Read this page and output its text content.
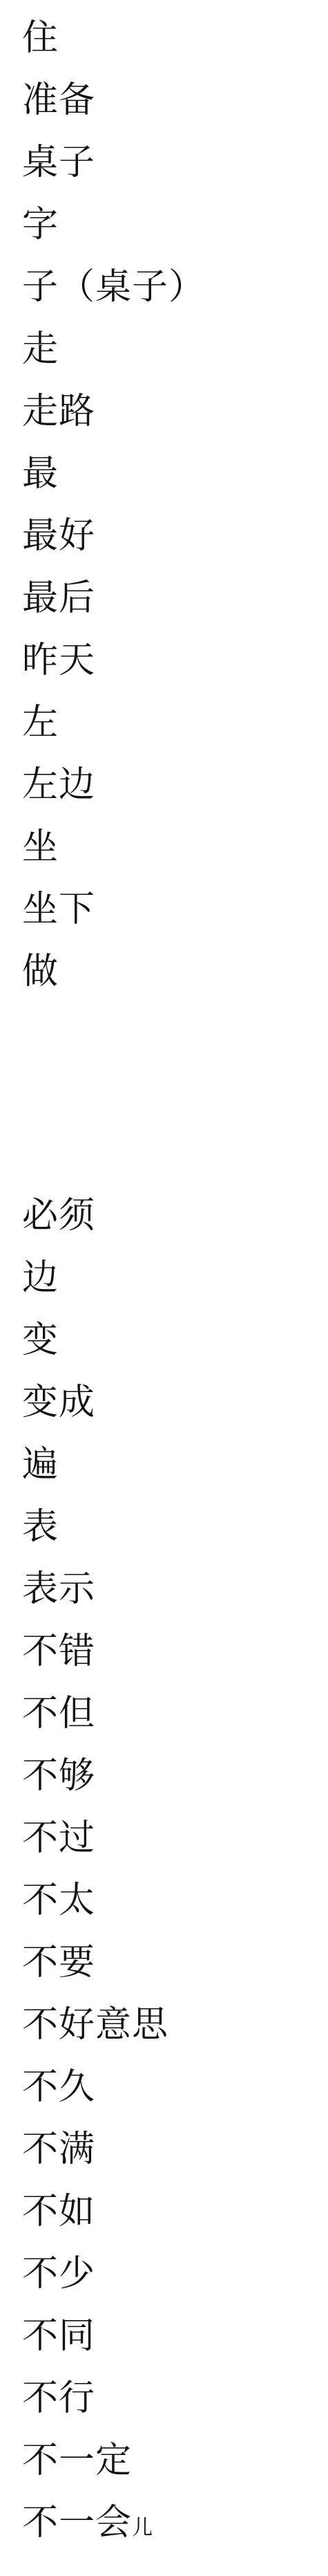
住
准备
桌子
字
子（桌子）
走
走路
最
最好
最后
昨天
左
左边
坐
坐下
做
必须
边
变
变成
遍
表
表示
不错
不但
不够
不过
不太
不要
不好意思
不久
不满
不如
不少
不同
不行
不一定
不一会儿
